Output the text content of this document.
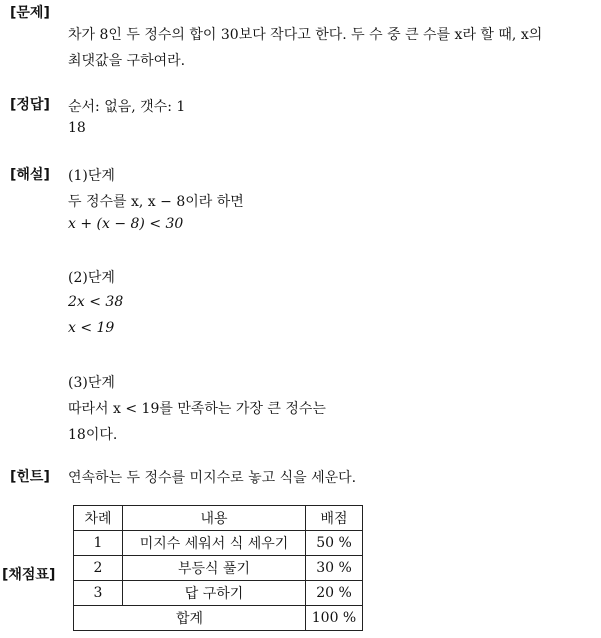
[문제]
차가 8인 두 정수의 합이 30보다 작다고 한다. 두 수 중 큰 수를 x라 할 때, x의
최댓값을 구하여라.
[정답] 순서: 없음, 갯수: 1
18
[해설] (1)단계
두 정수를 x, x − 8이라 하면
x + (x − 8) < 30
(2)단계
2x < 38
x < 19
(3)단계
따라서 x < 19를 만족하는 가장 큰 정수는
18이다.
[힌트] 연속하는 두 정수를 미지수로 놓고 식을 세운다.
[채점표]
차례	내용	배점
1	미지수 세워서 식 세우기	50 %
2	부등식 풀기	30 %
3	답 구하기	20 %
합계		100 %
